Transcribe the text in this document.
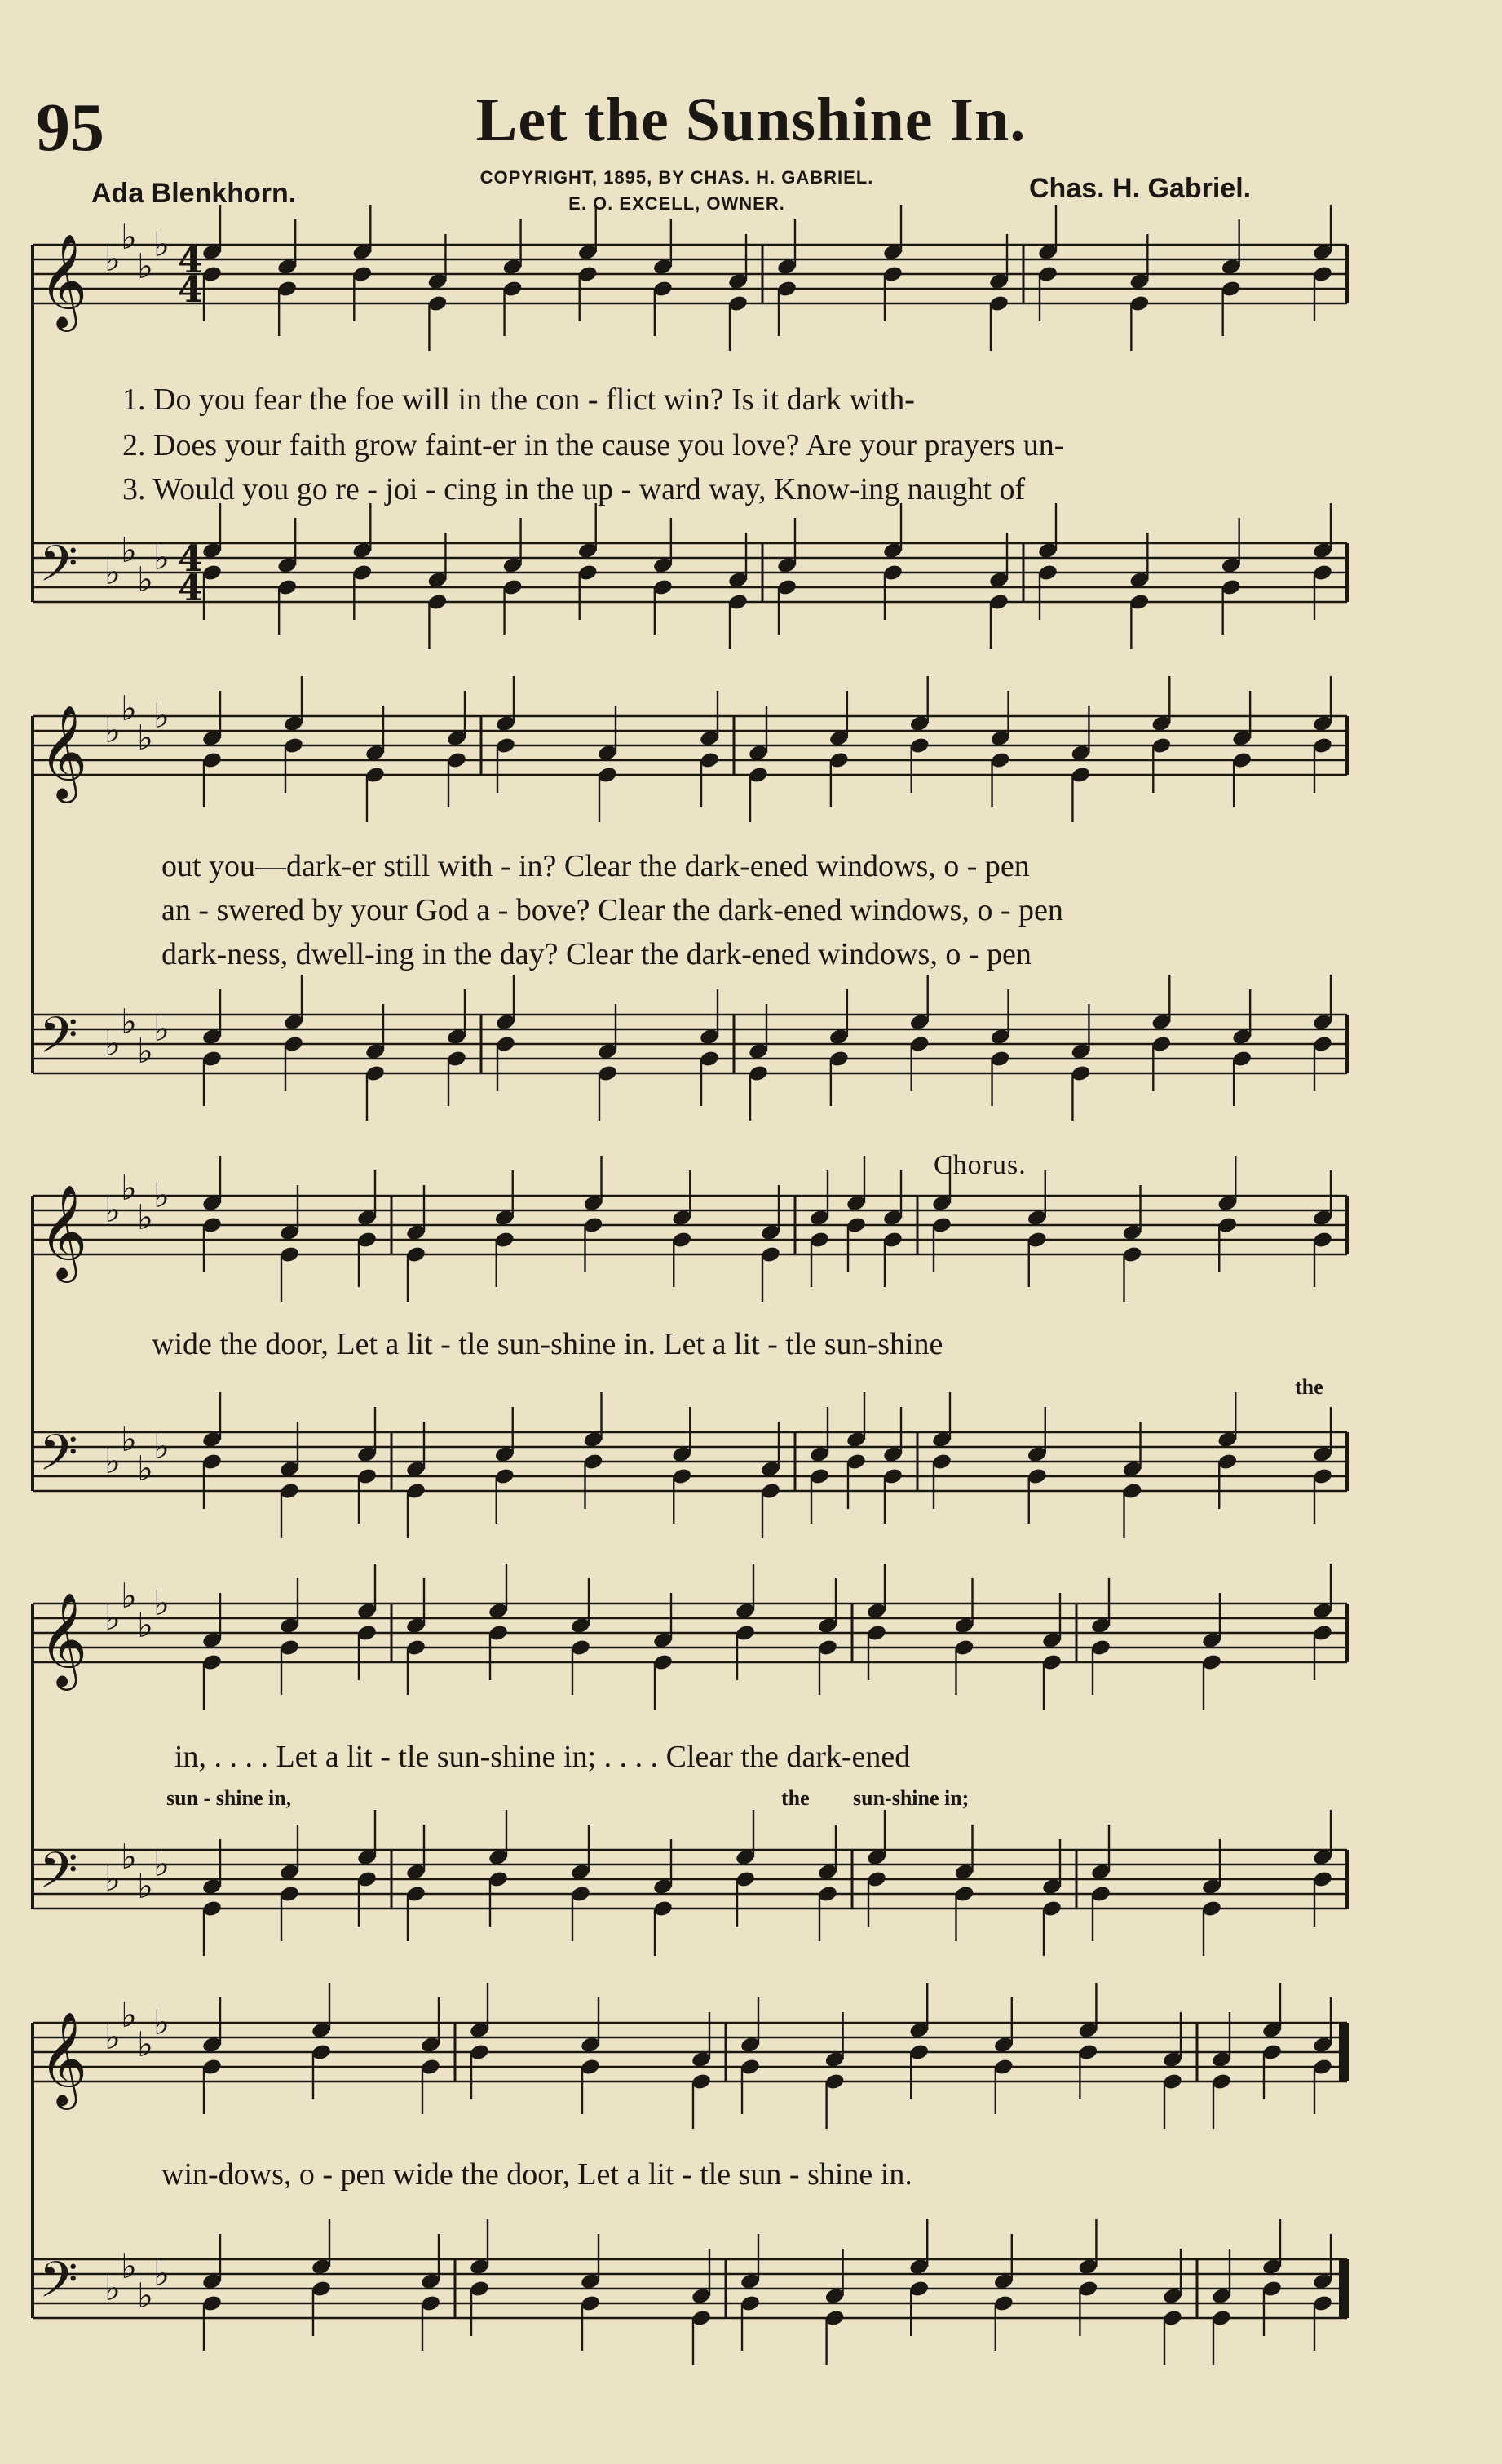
95	Let the Sunshine In.
Ada Blenkhorn.	Chas. H. Gabriel.
COPYRIGHT, 1895, BY CHAS. H. GABRIEL.
E. O. EXCELL, OWNER.
𝄞 ♭
♭
♭
♭ 4
4
𝄢 ♭
♭
♭
♭ 4
4
𝄞 ♭
♭
♭
♭
𝄢 ♭
♭
♭
♭
𝄞 ♭
♭
♭
♭
𝄢 ♭
♭
♭
♭
𝄞 ♭
♭
♭
♭
𝄢 ♭
♭
♭
♭
𝄞 ♭
♭
♭
♭
𝄢 ♭
♭
♭
♭
1. Do you fear the foe will in the con - flict win? Is it dark with-
2. Does your faith grow faint-er in the cause you love? Are your prayers un-
3. Would you go re - joi - cing in the up - ward way, Know-ing naught of
out you—dark-er still with - in? Clear the dark-ened windows, o - pen
an - swered by your God a - bove? Clear the dark-ened windows, o - pen
dark-ness, dwell-ing in the day? Clear the dark-ened windows, o - pen
Chorus.
wide the door, Let a lit - tle sun-shine in. Let a lit - tle sun-shine
the
in, . . . . Let a lit - tle sun-shine in; . . . . Clear the dark-ened
sun - shine in,	the sun-shine in;
win-dows, o - pen wide the door, Let a lit - tle sun - shine in.
